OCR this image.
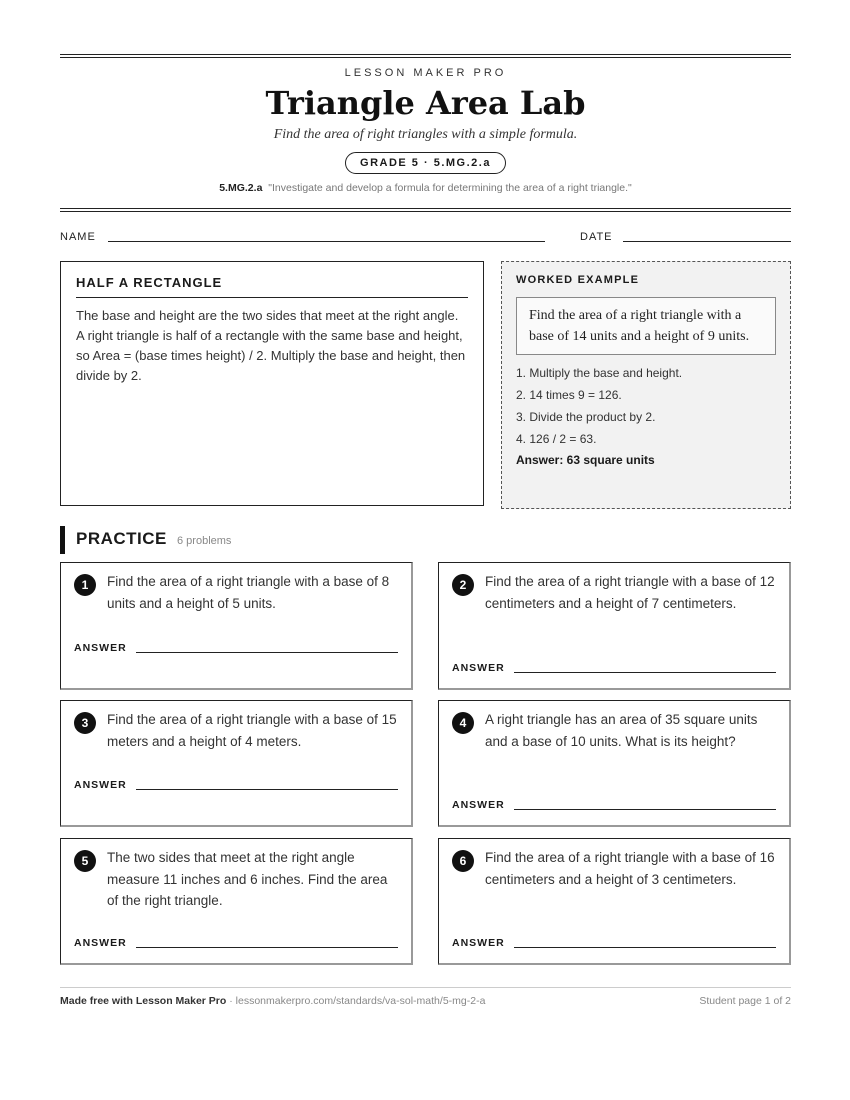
LESSON MAKER PRO
Triangle Area Lab
Find the area of right triangles with a simple formula.
GRADE 5 · 5.MG.2.a
5.MG.2.a "Investigate and develop a formula for determining the area of a right triangle."
NAME	DATE
HALF A RECTANGLE

The base and height are the two sides that meet at the right angle. A right triangle is half of a rectangle with the same base and height, so Area = (base times height) / 2. Multiply the base and height, then divide by 2.

WORKED EXAMPLE
Find the area of a right triangle with a base of 14 units and a height of 9 units.
1. Multiply the base and height.
2. 14 times 9 = 126.
3. Divide the product by 2.
4. 126 / 2 = 63.
Answer: 63 square units
PRACTICE 6 problems
1	Find the area of a right triangle with a base of 8 units and a height of 5 units.
ANSWER
2	Find the area of a right triangle with a base of 12 centimeters and a height of 7 centimeters.
ANSWER
3	Find the area of a right triangle with a base of 15 meters and a height of 4 meters.
ANSWER
4	A right triangle has an area of 35 square units and a base of 10 units. What is its height?
ANSWER
5	The two sides that meet at the right angle measure 11 inches and 6 inches. Find the area of the right triangle.
ANSWER
6	Find the area of a right triangle with a base of 16 centimeters and a height of 3 centimeters.
ANSWER
Made free with Lesson Maker Pro · lessonmakerpro.com/standards/va-sol-math/5-mg-2-a	Student page 1 of 2
